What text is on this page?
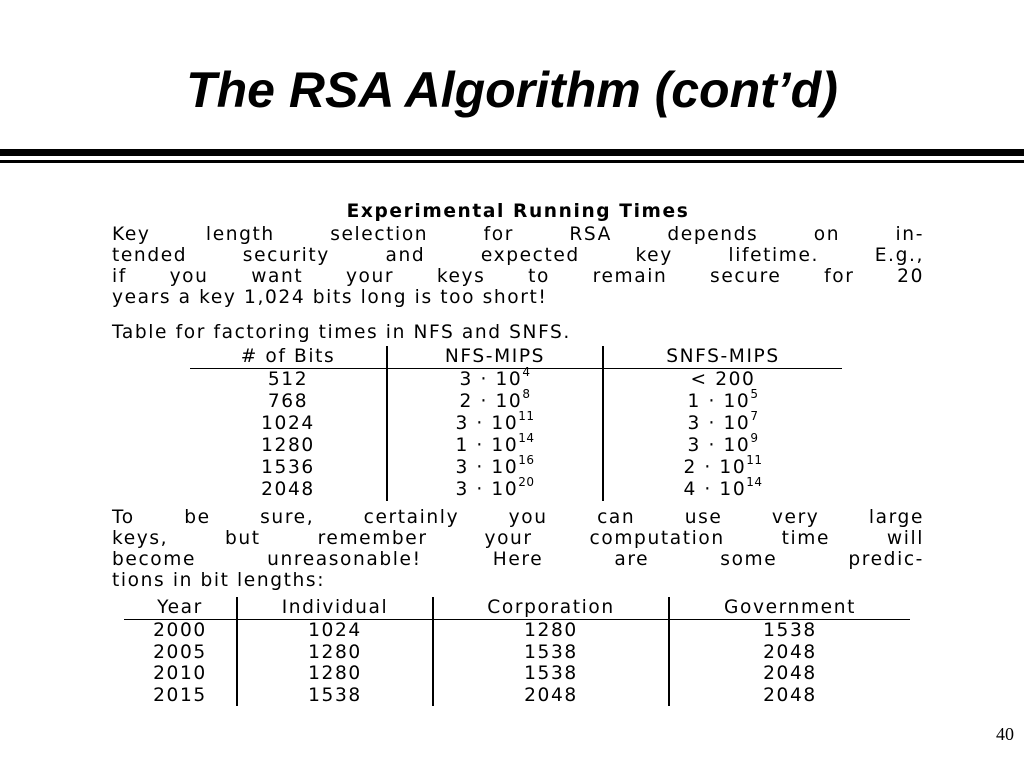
The RSA Algorithm (cont’d)

Experimental Running Times

Key length selection for RSA depends on in-
tended security and expected key lifetime. E.g.,
if you want your keys to remain secure for 20
years a key 1,024 bits long is too short!

Table for factoring times in NFS and SNFS.

# of Bits	NFS-MIPS	SNFS-MIPS
512	$3 \cdot 10^4$	< 200
768	$2 \cdot 10^8$	$1 \cdot 10^5$
1024	$3 \cdot 10^{11}$	$3 \cdot 10^7$
1280	$1 \cdot 10^{14}$	$3 \cdot 10^9$
1536	$3 \cdot 10^{16}$	$2 \cdot 10^{11}$
2048	$3 \cdot 10^{20}$	$4 \cdot 10^{14}$

To be sure, certainly you can use very large
keys, but remember your computation time will
become unreasonable! Here are some predic-
tions in bit lengths:

Year	Individual	Corporation	Government
2000	1024	1280	1538
2005	1280	1538	2048
2010	1280	1538	2048
2015	1538	2048	2048
40
